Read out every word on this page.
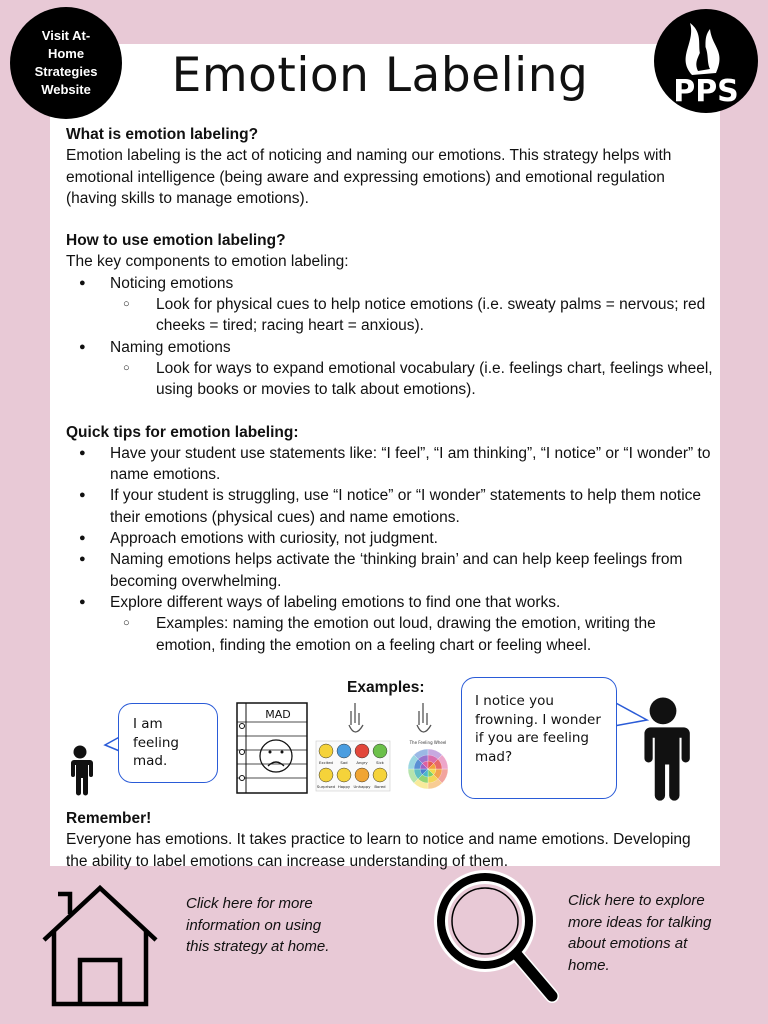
Visit At-Home Strategies Website	Emotion Labeling	PPS

What is emotion labeling?

Emotion labeling is the act of noticing and naming our emotions. This strategy helps with emotional intelligence (being aware and expressing emotions) and emotional regulation (having skills to manage emotions).

How to use emotion labeling?

The key components to emotion labeling:

● Noticing emotions
○ Look for physical cues to help notice emotions (i.e. sweaty palms = nervous; red cheeks = tired; racing heart = anxious).
● Naming emotions
○ Look for ways to expand emotional vocabulary (i.e. feelings chart, feelings wheel, using books or movies to talk about emotions).

Quick tips for emotion labeling:

● Have your student use statements like: “I feel”, “I am thinking”, “I notice” or “I wonder” to name emotions.
● If your student is struggling, use “I notice” or “I wonder” statements to help them notice their emotions (physical cues) and name emotions.
● Approach emotions with curiosity, not judgment.
● Naming emotions helps activate the ‘thinking brain’ and can help keep feelings from becoming overwhelming.
● Explore different ways of labeling emotions to find one that works.
○ Examples: naming the emotion out loud, drawing the emotion, writing the emotion, finding the emotion on a feeling chart or feeling wheel.
Examples:
I am feeling mad.
MAD
Excited Sad Angry Sick
Surprised Happy Unhappy Bored
The Feeling Wheel
I notice you frowning. I wonder if you are feeling mad?

Remember!

Everyone has emotions. It takes practice to learn to notice and name emotions. Developing the ability to label emotions can increase understanding of them.

Click here for more information on using this strategy at home.
Click here to explore more ideas for talking about emotions at home.
